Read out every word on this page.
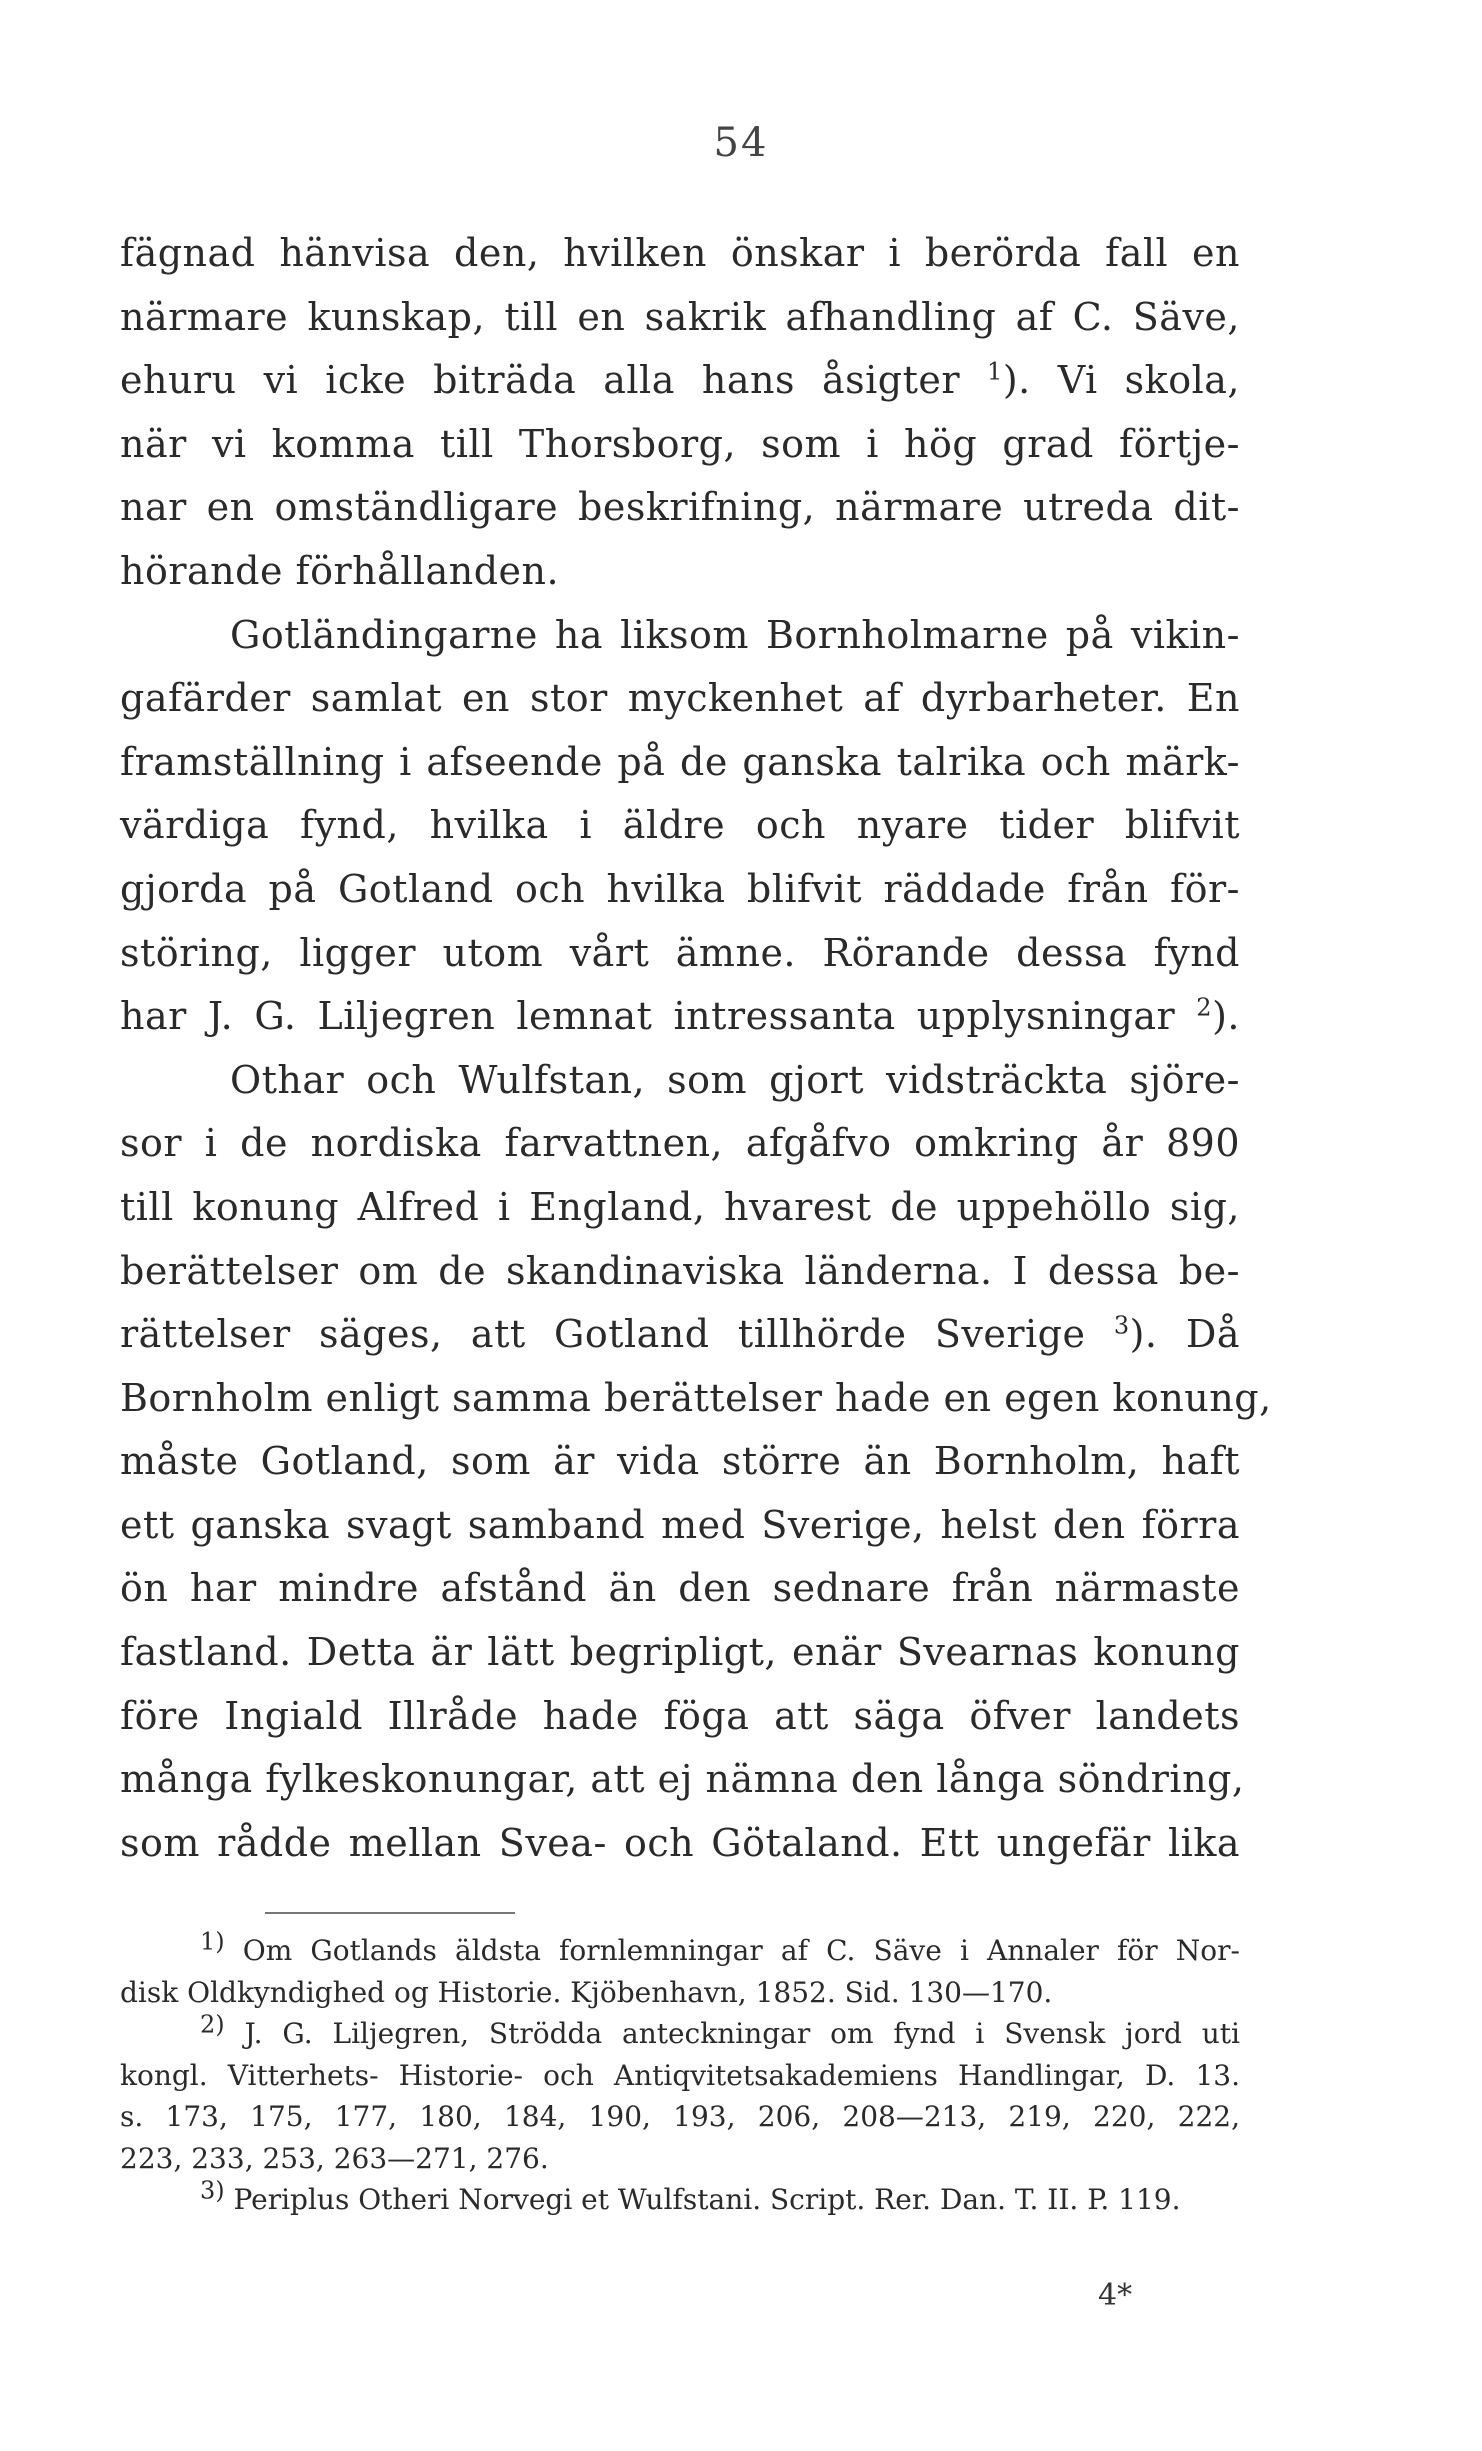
54
fägnad hänvisa den, hvilken önskar i berörda fall en
närmare kunskap, till en sakrik afhandling af C. Säve,
ehuru vi icke biträda alla hans åsigter $^1$). Vi skola,
när vi komma till Thorsborg, som i hög grad förtje-
nar en omständligare beskrifning, närmare utreda dit-
hörande förhållanden.
Gotländingarne ha liksom Bornholmarne på vikin-
gafärder samlat en stor myckenhet af dyrbarheter. En
framställning i afseende på de ganska talrika och märk-
värdiga fynd, hvilka i äldre och nyare tider blifvit
gjorda på Gotland och hvilka blifvit räddade från för-
störing, ligger utom vårt ämne. Rörande dessa fynd
har J. G. Liljegren lemnat intressanta upplysningar $^2$).
Othar och Wulfstan, som gjort vidsträckta sjöre-
sor i de nordiska farvattnen, afgåfvo omkring år 890
till konung Alfred i England, hvarest de uppehöllo sig,
berättelser om de skandinaviska länderna. I dessa be-
rättelser säges, att Gotland tillhörde Sverige $^3$). Då
Bornholm enligt samma berättelser hade en egen konung,
måste Gotland, som är vida större än Bornholm, haft
ett ganska svagt samband med Sverige, helst den förra
ön har mindre afstånd än den sednare från närmaste
fastland. Detta är lätt begripligt, enär Svearnas konung
före Ingiald Illråde hade föga att säga öfver landets
många fylkeskonungar, att ej nämna den långa söndring,
som rådde mellan Svea- och Götaland. Ett ungefär lika
$^{1)}$ Om Gotlands äldsta fornlemningar af C. Säve i Annaler för Nor-
disk Oldkyndighed og Historie. Kjöbenhavn, 1852. Sid. 130—170.
$^{2)}$ J. G. Liljegren, Strödda anteckningar om fynd i Svensk jord uti
kongl. Vitterhets- Historie- och Antiqvitetsakademiens Handlingar, D. 13.
s. 173, 175, 177, 180, 184, 190, 193, 206, 208—213, 219, 220, 222,
223, 233, 253, 263—271, 276.
$^{3)}$ Periplus Otheri Norvegi et Wulfstani. Script. Rer. Dan. T. II. P. 119.
4*
